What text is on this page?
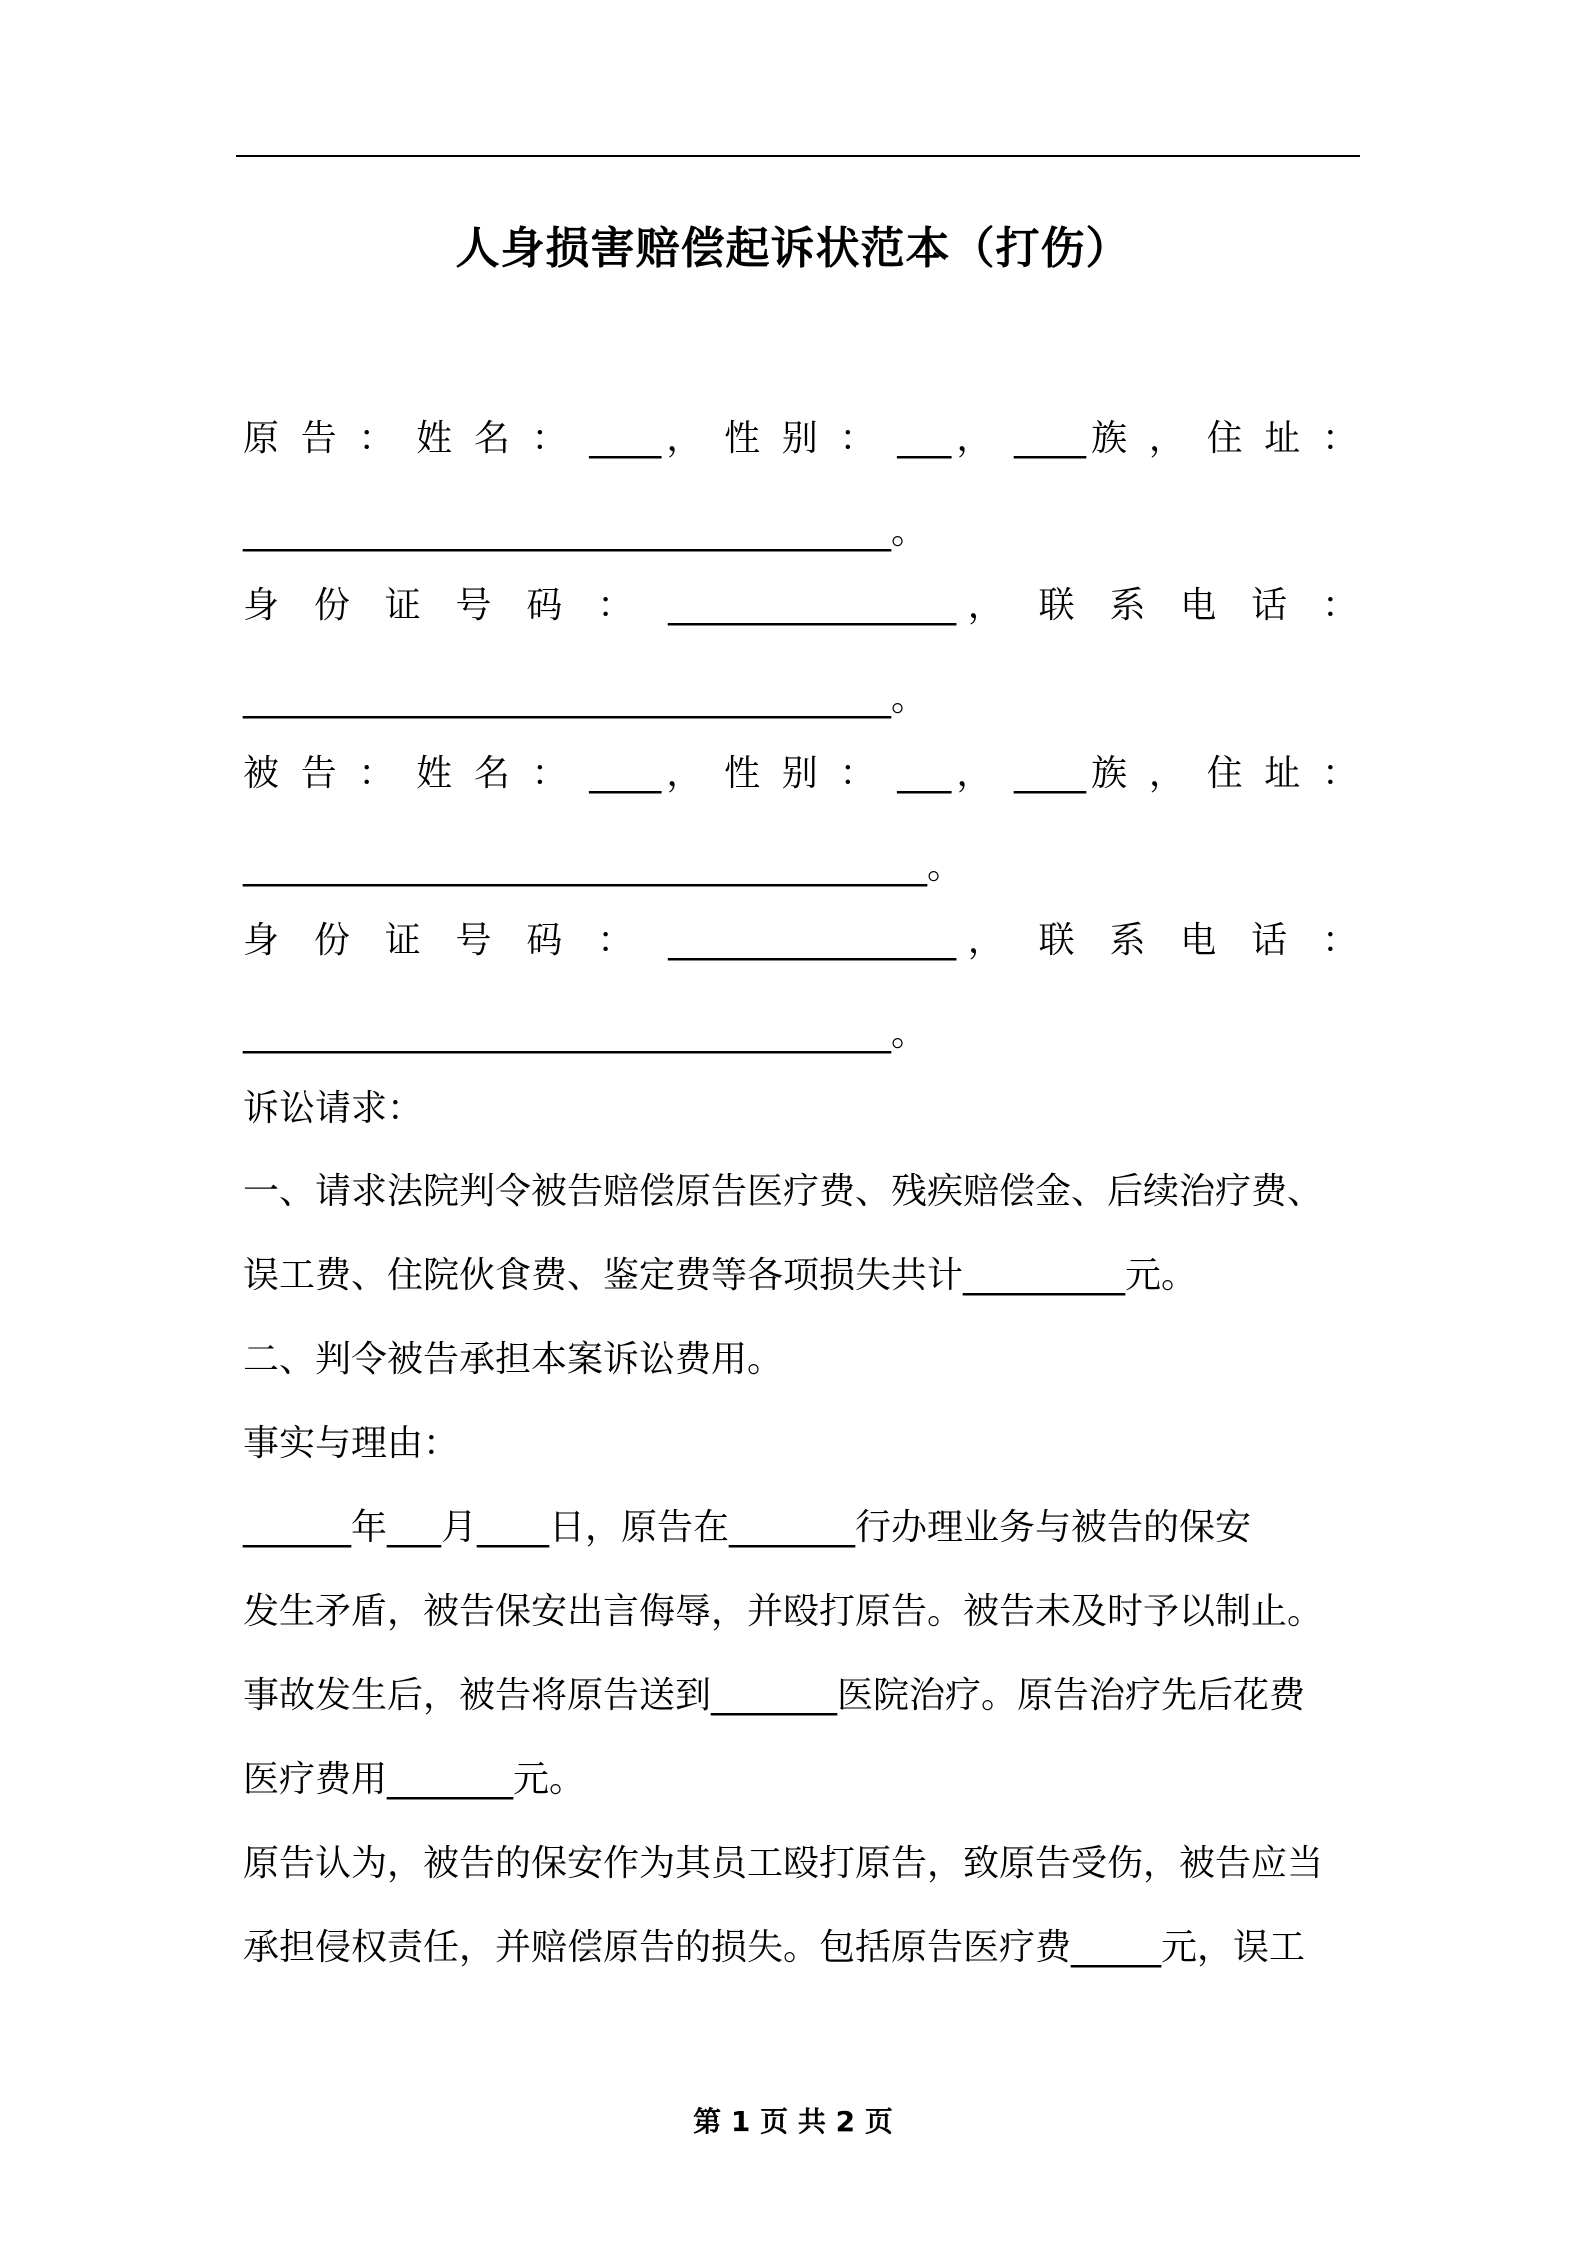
人身损害赔偿起诉状范本（打伤）
原 告 ： 姓 名 ： ____， 性 别 ： ___， ____族 ， 住 址 ：
____________________________________。
身 份 证 号 码 ： ________________， 联 系 电 话 ：
____________________________________。
被 告 ： 姓 名 ： ____， 性 别 ： ___， ____族 ， 住 址 ：
______________________________________。
身 份 证 号 码 ： ________________， 联 系 电 话 ：
____________________________________。
诉讼请求：
一、请求法院判令被告赔偿原告医疗费、残疾赔偿金、后续治疗费、
误工费、住院伙食费、鉴定费等各项损失共计_________元。
二、判令被告承担本案诉讼费用。
事实与理由：
______年___月____日，原告在_______行办理业务与被告的保安
发生矛盾，被告保安出言侮辱，并殴打原告。被告未及时予以制止。
事故发生后，被告将原告送到_______医院治疗。原告治疗先后花费
医疗费用_______元。
原告认为，被告的保安作为其员工殴打原告，致原告受伤，被告应当
承担侵权责任，并赔偿原告的损失。包括原告医疗费_____元，误工
第 1 页 共 2 页
